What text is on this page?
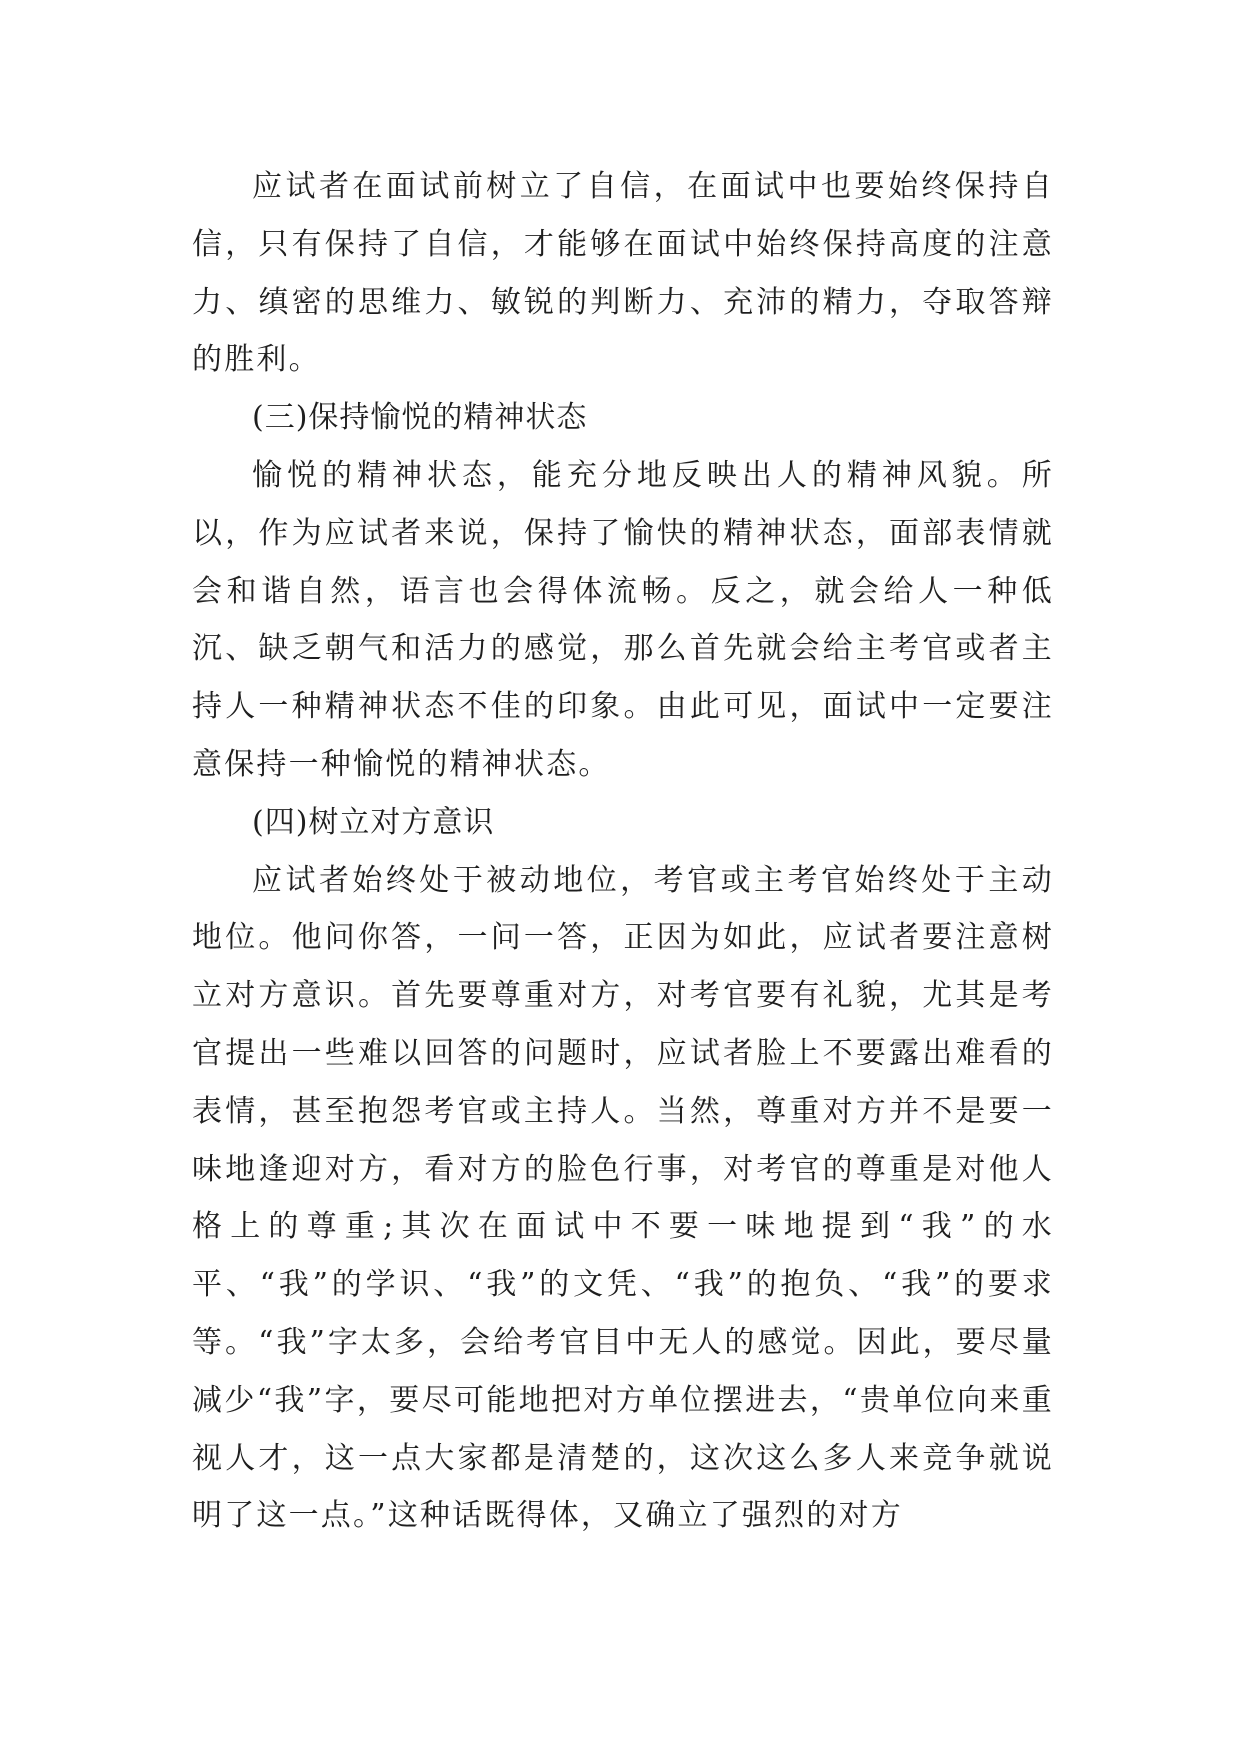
应试者在面试前树立了自信，在面试中也要始终保持自信，只有保持了自信，才能够在面试中始终保持高度的注意力、缜密的思维力、敏锐的判断力、充沛的精力，夺取答辩的胜利。

(三)保持愉悦的精神状态

愉悦的精神状态，能充分地反映出人的精神风貌。所以，作为应试者来说，保持了愉快的精神状态，面部表情就会和谐自然，语言也会得体流畅。反之，就会给人一种低沉、缺乏朝气和活力的感觉，那么首先就会给主考官或者主持人一种精神状态不佳的印象。由此可见，面试中一定要注意保持一种愉悦的精神状态。

(四)树立对方意识

应试者始终处于被动地位，考官或主考官始终处于主动地位。他问你答，一问一答，正因为如此，应试者要注意树立对方意识。首先要尊重对方，对考官要有礼貌，尤其是考官提出一些难以回答的问题时，应试者脸上不要露出难看的表情，甚至抱怨考官或主持人。当然，尊重对方并不是要一味地逢迎对方，看对方的脸色行事，对考官的尊重是对他人格上的尊重;其次在面试中不要一味地提到“我”的水平、“我”的学识、“我”的文凭、“我”的抱负、“我”的要求等。“我”字太多，会给考官目中无人的感觉。因此，要尽量减少“我”字，要尽可能地把对方单位摆进去，“贵单位向来重视人才，这一点大家都是清楚的，这次这么多人来竞争就说明了这一点。”这种话既得体，又确立了强烈的对方
